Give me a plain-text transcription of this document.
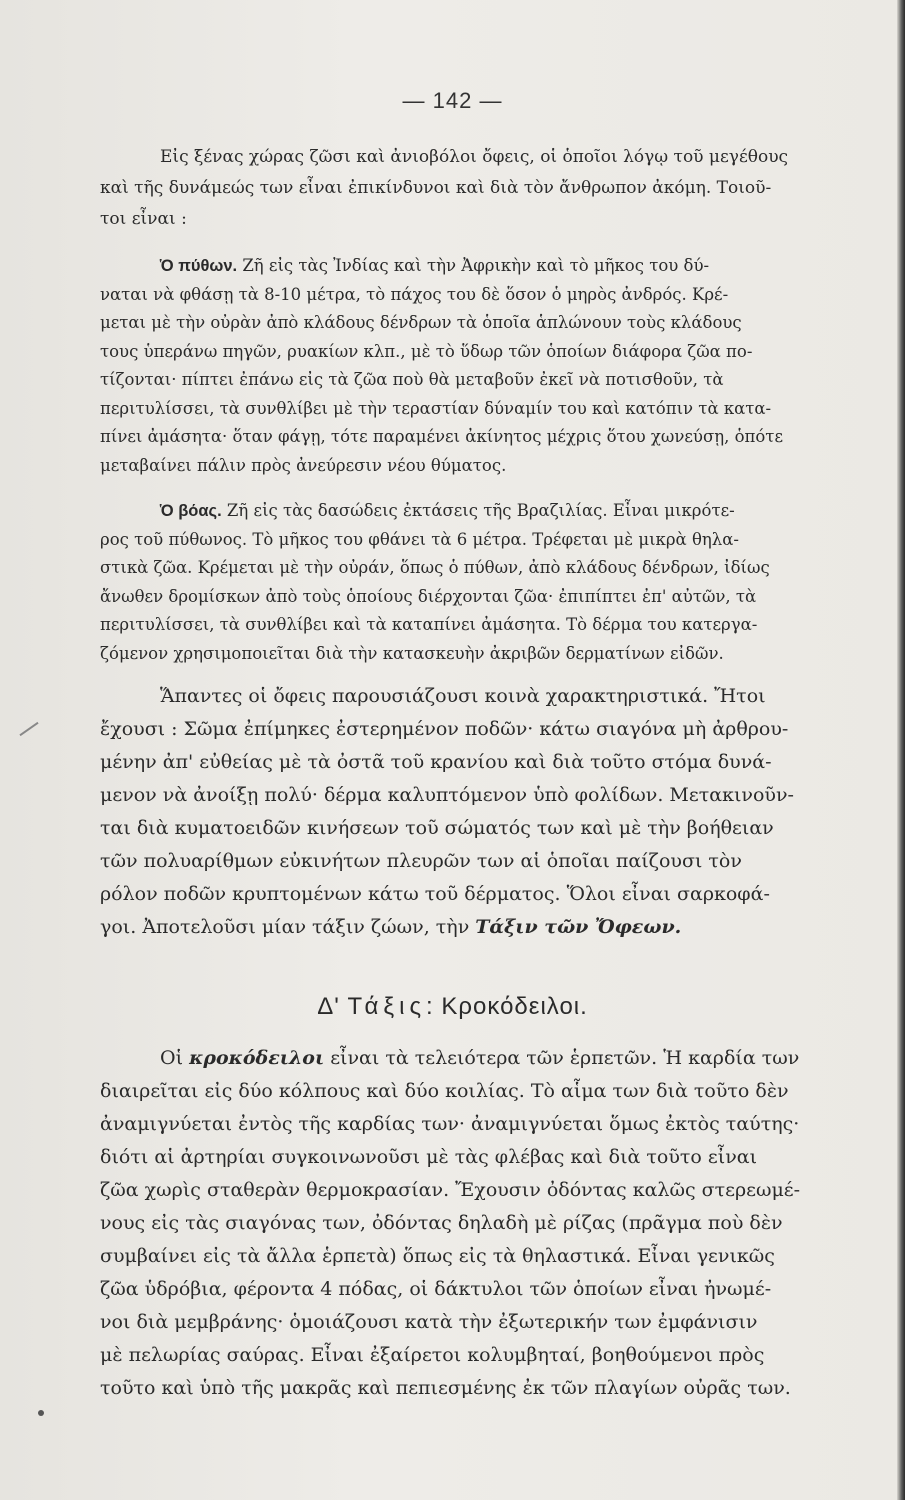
— 142 —
Εἰς ξένας χώρας ζῶσι καὶ ἀνιοβόλοι ὄφεις, οἱ ὁποῖοι λόγῳ τοῦ μεγέθους
καὶ τῆς δυνάμεώς των εἶναι ἐπικίνδυνοι καὶ διὰ τὸν ἄνθρωπον ἀκόμη. Τοιοῦ-
τοι εἶναι :
Ὁ πύθων. Ζῆ εἰς τὰς Ἰνδίας καὶ τὴν Ἀφρικὴν καὶ τὸ μῆκος του δύ-
ναται νὰ φθάσῃ τὰ 8-10 μέτρα, τὸ πάχος του δὲ ὅσον ὁ μηρὸς ἀνδρός. Κρέ-
μεται μὲ τὴν οὐρὰν ἀπὸ κλάδους δένδρων τὰ ὁποῖα ἁπλώνουν τοὺς κλάδους
τους ὑπεράνω πηγῶν, ρυακίων κλπ., μὲ τὸ ὕδωρ τῶν ὁποίων διάφορα ζῶα πο-
τίζονται· πίπτει ἐπάνω εἰς τὰ ζῶα ποὺ θὰ μεταβοῦν ἐκεῖ νὰ ποτισθοῦν, τὰ
περιτυλίσσει, τὰ συνθλίβει μὲ τὴν τεραστίαν δύναμίν του καὶ κατόπιν τὰ κατα-
πίνει ἀμάσητα· ὅταν φάγῃ, τότε παραμένει ἀκίνητος μέχρις ὅτου χωνεύσῃ, ὁπότε
μεταβαίνει πάλιν πρὸς ἀνεύρεσιν νέου θύματος.
Ὁ βόας. Ζῆ εἰς τὰς δασώδεις ἐκτάσεις τῆς Βραζιλίας. Εἶναι μικρότε-
ρος τοῦ πύθωνος. Τὸ μῆκος του φθάνει τὰ 6 μέτρα. Τρέφεται μὲ μικρὰ θηλα-
στικὰ ζῶα. Κρέμεται μὲ τὴν οὐράν, ὅπως ὁ πύθων, ἀπὸ κλάδους δένδρων, ἰδίως
ἄνωθεν δρομίσκων ἀπὸ τοὺς ὁποίους διέρχονται ζῶα· ἐπιπίπτει ἐπ' αὐτῶν, τὰ
περιτυλίσσει, τὰ συνθλίβει καὶ τὰ καταπίνει ἀμάσητα. Τὸ δέρμα του κατεργα-
ζόμενον χρησιμοποιεῖται διὰ τὴν κατασκευὴν ἀκριβῶν δερματίνων εἰδῶν.
Ἅπαντες οἱ ὄφεις παρουσιάζουσι κοινὰ χαρακτηριστικά. Ἤτοι
ἔχουσι : Σῶμα ἐπίμηκες ἐστερημένον ποδῶν· κάτω σιαγόνα μὴ ἀρθρου-
μένην ἀπ' εὐθείας μὲ τὰ ὀστᾶ τοῦ κρανίου καὶ διὰ τοῦτο στόμα δυνά-
μενον νὰ ἀνοίξῃ πολύ· δέρμα καλυπτόμενον ὑπὸ φολίδων. Μετακινοῦν-
ται διὰ κυματοειδῶν κινήσεων τοῦ σώματός των καὶ μὲ τὴν βοήθειαν
τῶν πολυαρίθμων εὐκινήτων πλευρῶν των αἱ ὁποῖαι παίζουσι τὸν
ρόλον ποδῶν κρυπτομένων κάτω τοῦ δέρματος. Ὅλοι εἶναι σαρκοφά-
γοι. Ἀποτελοῦσι μίαν τάξιν ζώων, τὴν Τάξιν τῶν Ὄφεων.
Δ' Τάξις: Κροκόδειλοι.
Οἱ κροκόδειλοι εἶναι τὰ τελειότερα τῶν ἑρπετῶν. Ἡ καρδία των
διαιρεῖται εἰς δύο κόλπους καὶ δύο κοιλίας. Τὸ αἷμα των διὰ τοῦτο δὲν
ἀναμιγνύεται ἐντὸς τῆς καρδίας των· ἀναμιγνύεται ὅμως ἐκτὸς ταύτης·
διότι αἱ ἀρτηρίαι συγκοινωνοῦσι μὲ τὰς φλέβας καὶ διὰ τοῦτο εἶναι
ζῶα χωρὶς σταθερὰν θερμοκρασίαν. Ἔχουσιν ὀδόντας καλῶς στερεωμέ-
νους εἰς τὰς σιαγόνας των, ὀδόντας δηλαδὴ μὲ ρίζας (πρᾶγμα ποὺ δὲν
συμβαίνει εἰς τὰ ἄλλα ἑρπετὰ) ὅπως εἰς τὰ θηλαστικά. Εἶναι γενικῶς
ζῶα ὑδρόβια, φέροντα 4 πόδας, οἱ δάκτυλοι τῶν ὁποίων εἶναι ἠνωμέ-
νοι διὰ μεμβράνης· ὁμοιάζουσι κατὰ τὴν ἐξωτερικήν των ἐμφάνισιν
μὲ πελωρίας σαύρας. Εἶναι ἐξαίρετοι κολυμβηταί, βοηθούμενοι πρὸς
τοῦτο καὶ ὑπὸ τῆς μακρᾶς καὶ πεπιεσμένης ἐκ τῶν πλαγίων οὐρᾶς των.
